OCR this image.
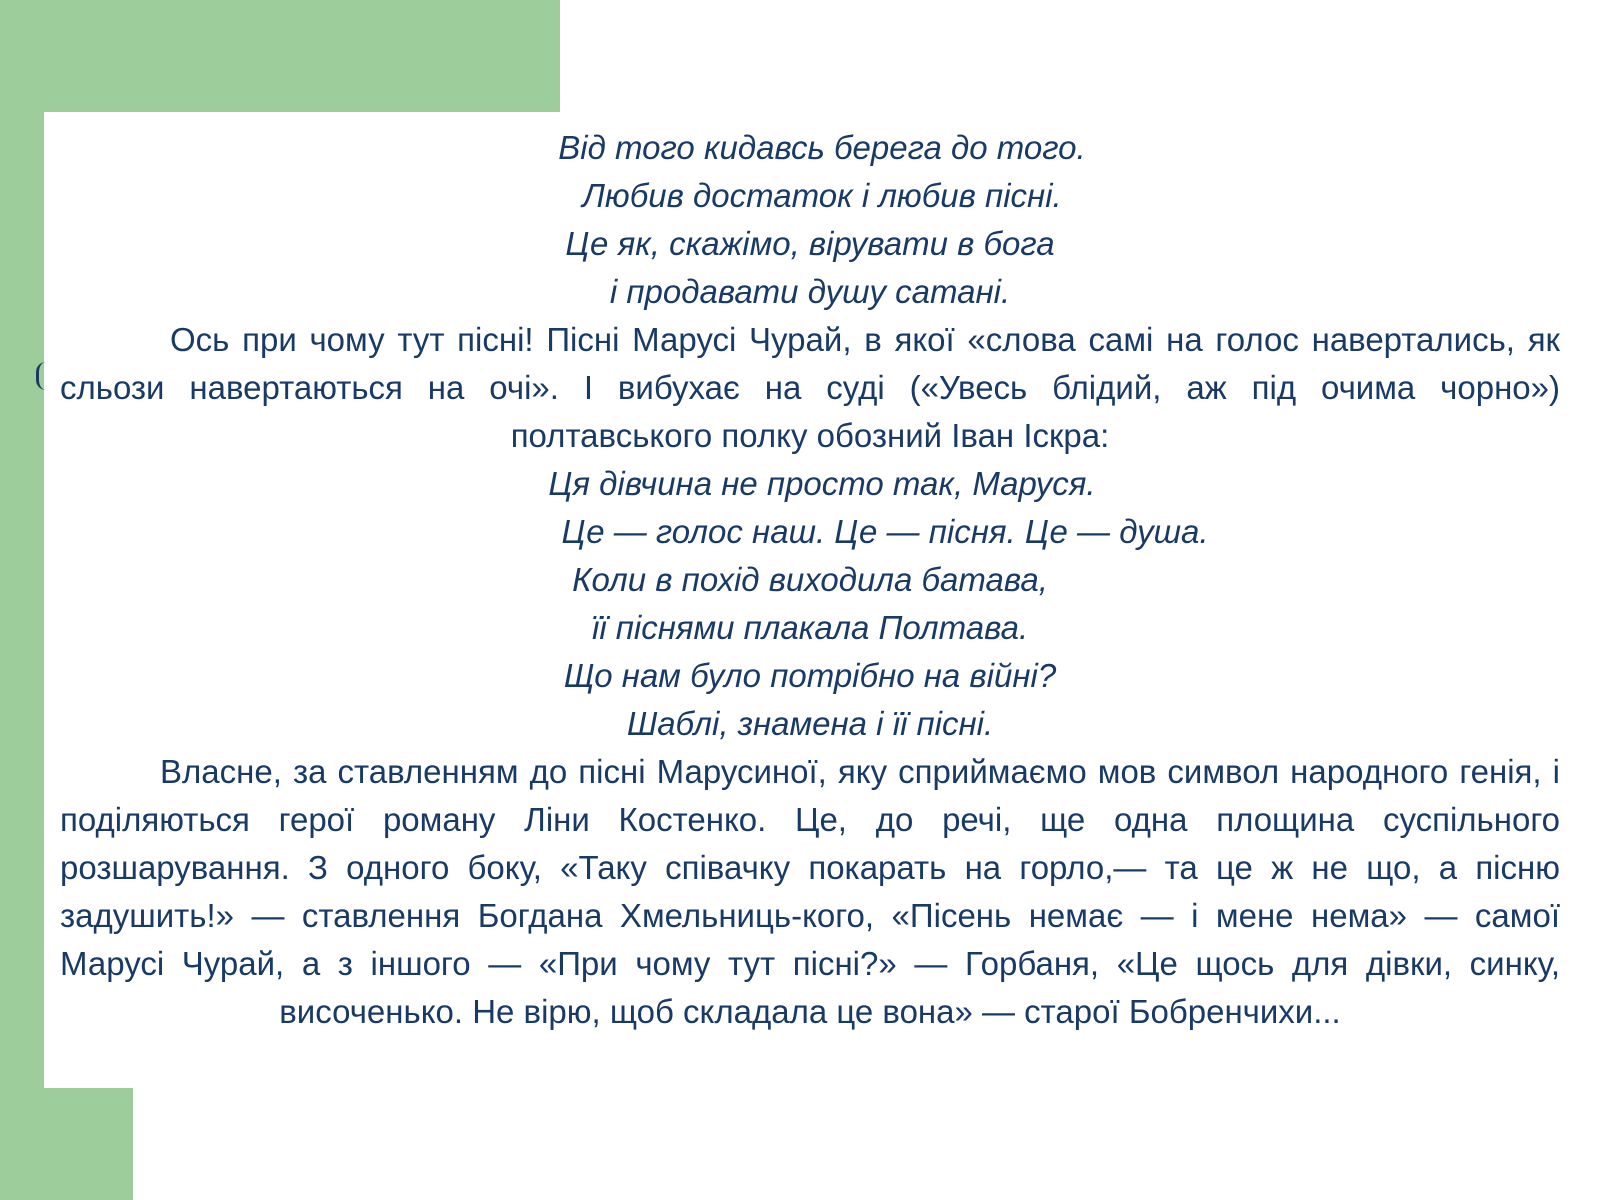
Від того кидавсь берега до того.
Любив достаток і любив пісні.
Це як, скажімо, вірувати в бога
і продавати душу сатані.
Ось при чому тут пісні! Пісні Марусі Чурай, в якої «слова самі на голос навертались, як сльози навертаються на очі». І вибухає на суді («Увесь блідий, аж під очима чорно») полтавського полку обозний Іван Іскра:
Ця дівчина не просто так, Маруся.
Це — голос наш. Це — пісня. Це — душа.
Коли в похід виходила батава,
її піснями плакала Полтава.
Що нам було потрібно на війні?
Шаблі, знамена і її пісні.
Власне, за ставленням до пісні Марусиної, яку сприймаємо мов символ народного генія, і поділяються герої роману Ліни Костенко. Це, до речі, ще одна площина суспільного розшарування. З одного боку, «Таку співачку покарать на горло,— та це ж не що, а пісню задушить!» — ставлення Богдана Хмельниць-кого, «Пісень немає — і мене нема» — самої Марусі Чурай, а з іншого — «При чому тут пісні?» — Горбаня, «Це щось для дівки, синку, височенько. Не вірю, щоб складала це вона» — старої Бобренчихи...
